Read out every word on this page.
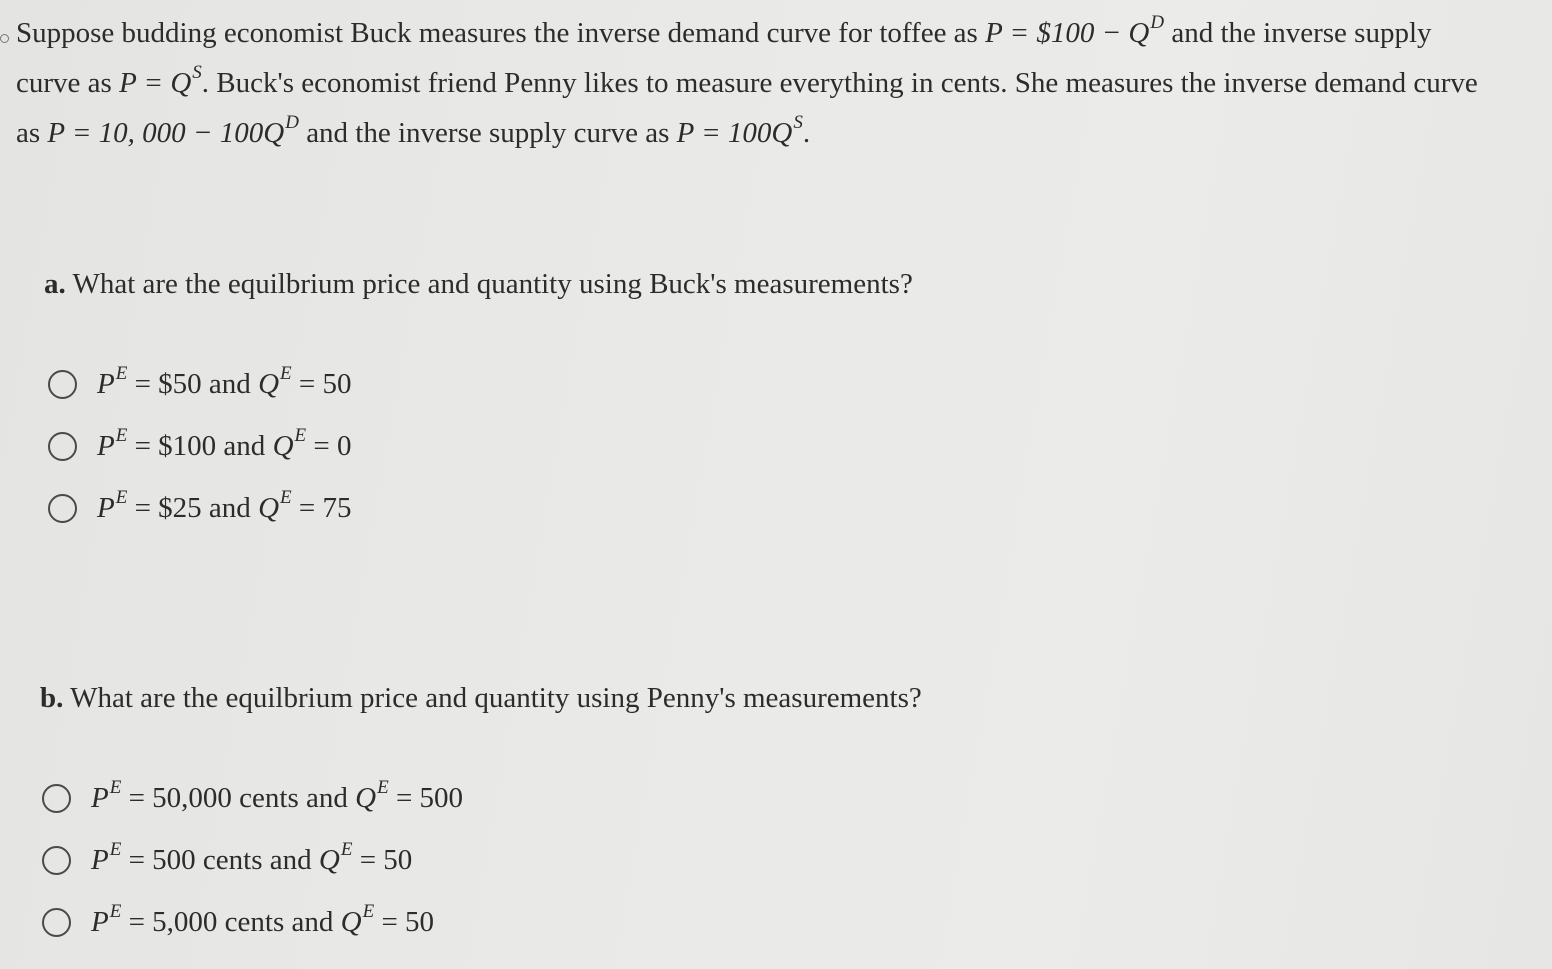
Suppose budding economist Buck measures the inverse demand curve for toffee as P = $100 − $Q^D$ and the inverse supply

curve as $P = Q^S$. Buck's economist friend Penny likes to measure everything in cents. She measures the inverse demand curve

as P = 10, $000 - 100Q^D$ and the inverse supply curve as $P = 100Q^S$.

a. What are the equilbrium price and quantity using Buck's measurements?
$P^E$ = $50 and $Q^E = 50$
$P^E$ = $100 and $Q^E = 0$
$P^E$ = $25 and $Q^E = 75$
b. What are the equilbrium price and quantity using Penny's measurements?
$P^E = 50,000$ cents and $Q^E = 500$
$P^E = 500$ cents and $Q^E = 50$
$P^E = 5,000$ cents and $Q^E = 50$
